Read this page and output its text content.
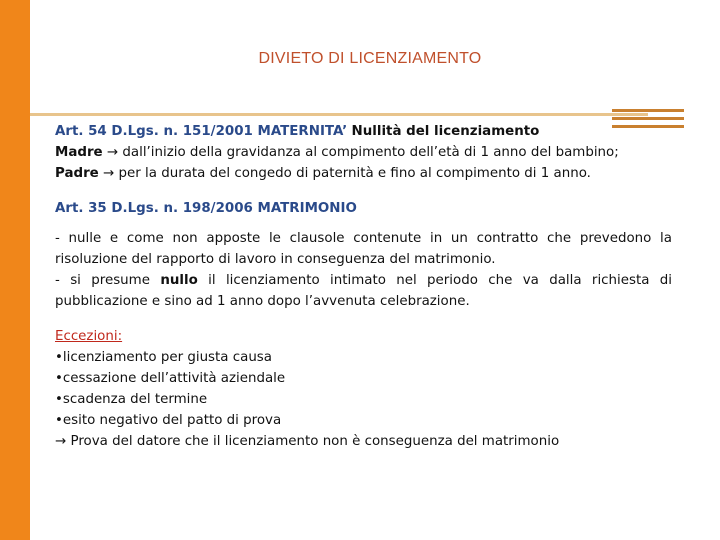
DIVIETO DI LICENZIAMENTO

Art. 54 D.Lgs. n. 151/2001 MATERNITA’ Nullità del licenziamento

Madre → dall’inizio della gravidanza al compimento dell’età di 1 anno del bambino;

Padre → per la durata del congedo di paternità e fino al compimento di 1 anno.

Art. 35 D.Lgs. n. 198/2006 MATRIMONIO

- nulle e come non apposte le clausole contenute in un contratto che prevedono la risoluzione del rapporto di lavoro in conseguenza del matrimonio.

- si presume nullo il licenziamento intimato nel periodo che va dalla richiesta di pubblicazione e sino ad 1 anno dopo l’avvenuta celebrazione.

Eccezioni:

•licenziamento per giusta causa

•cessazione dell’attività aziendale

•scadenza del termine

•esito negativo del patto di prova

→ Prova del datore che il licenziamento non è conseguenza del matrimonio
